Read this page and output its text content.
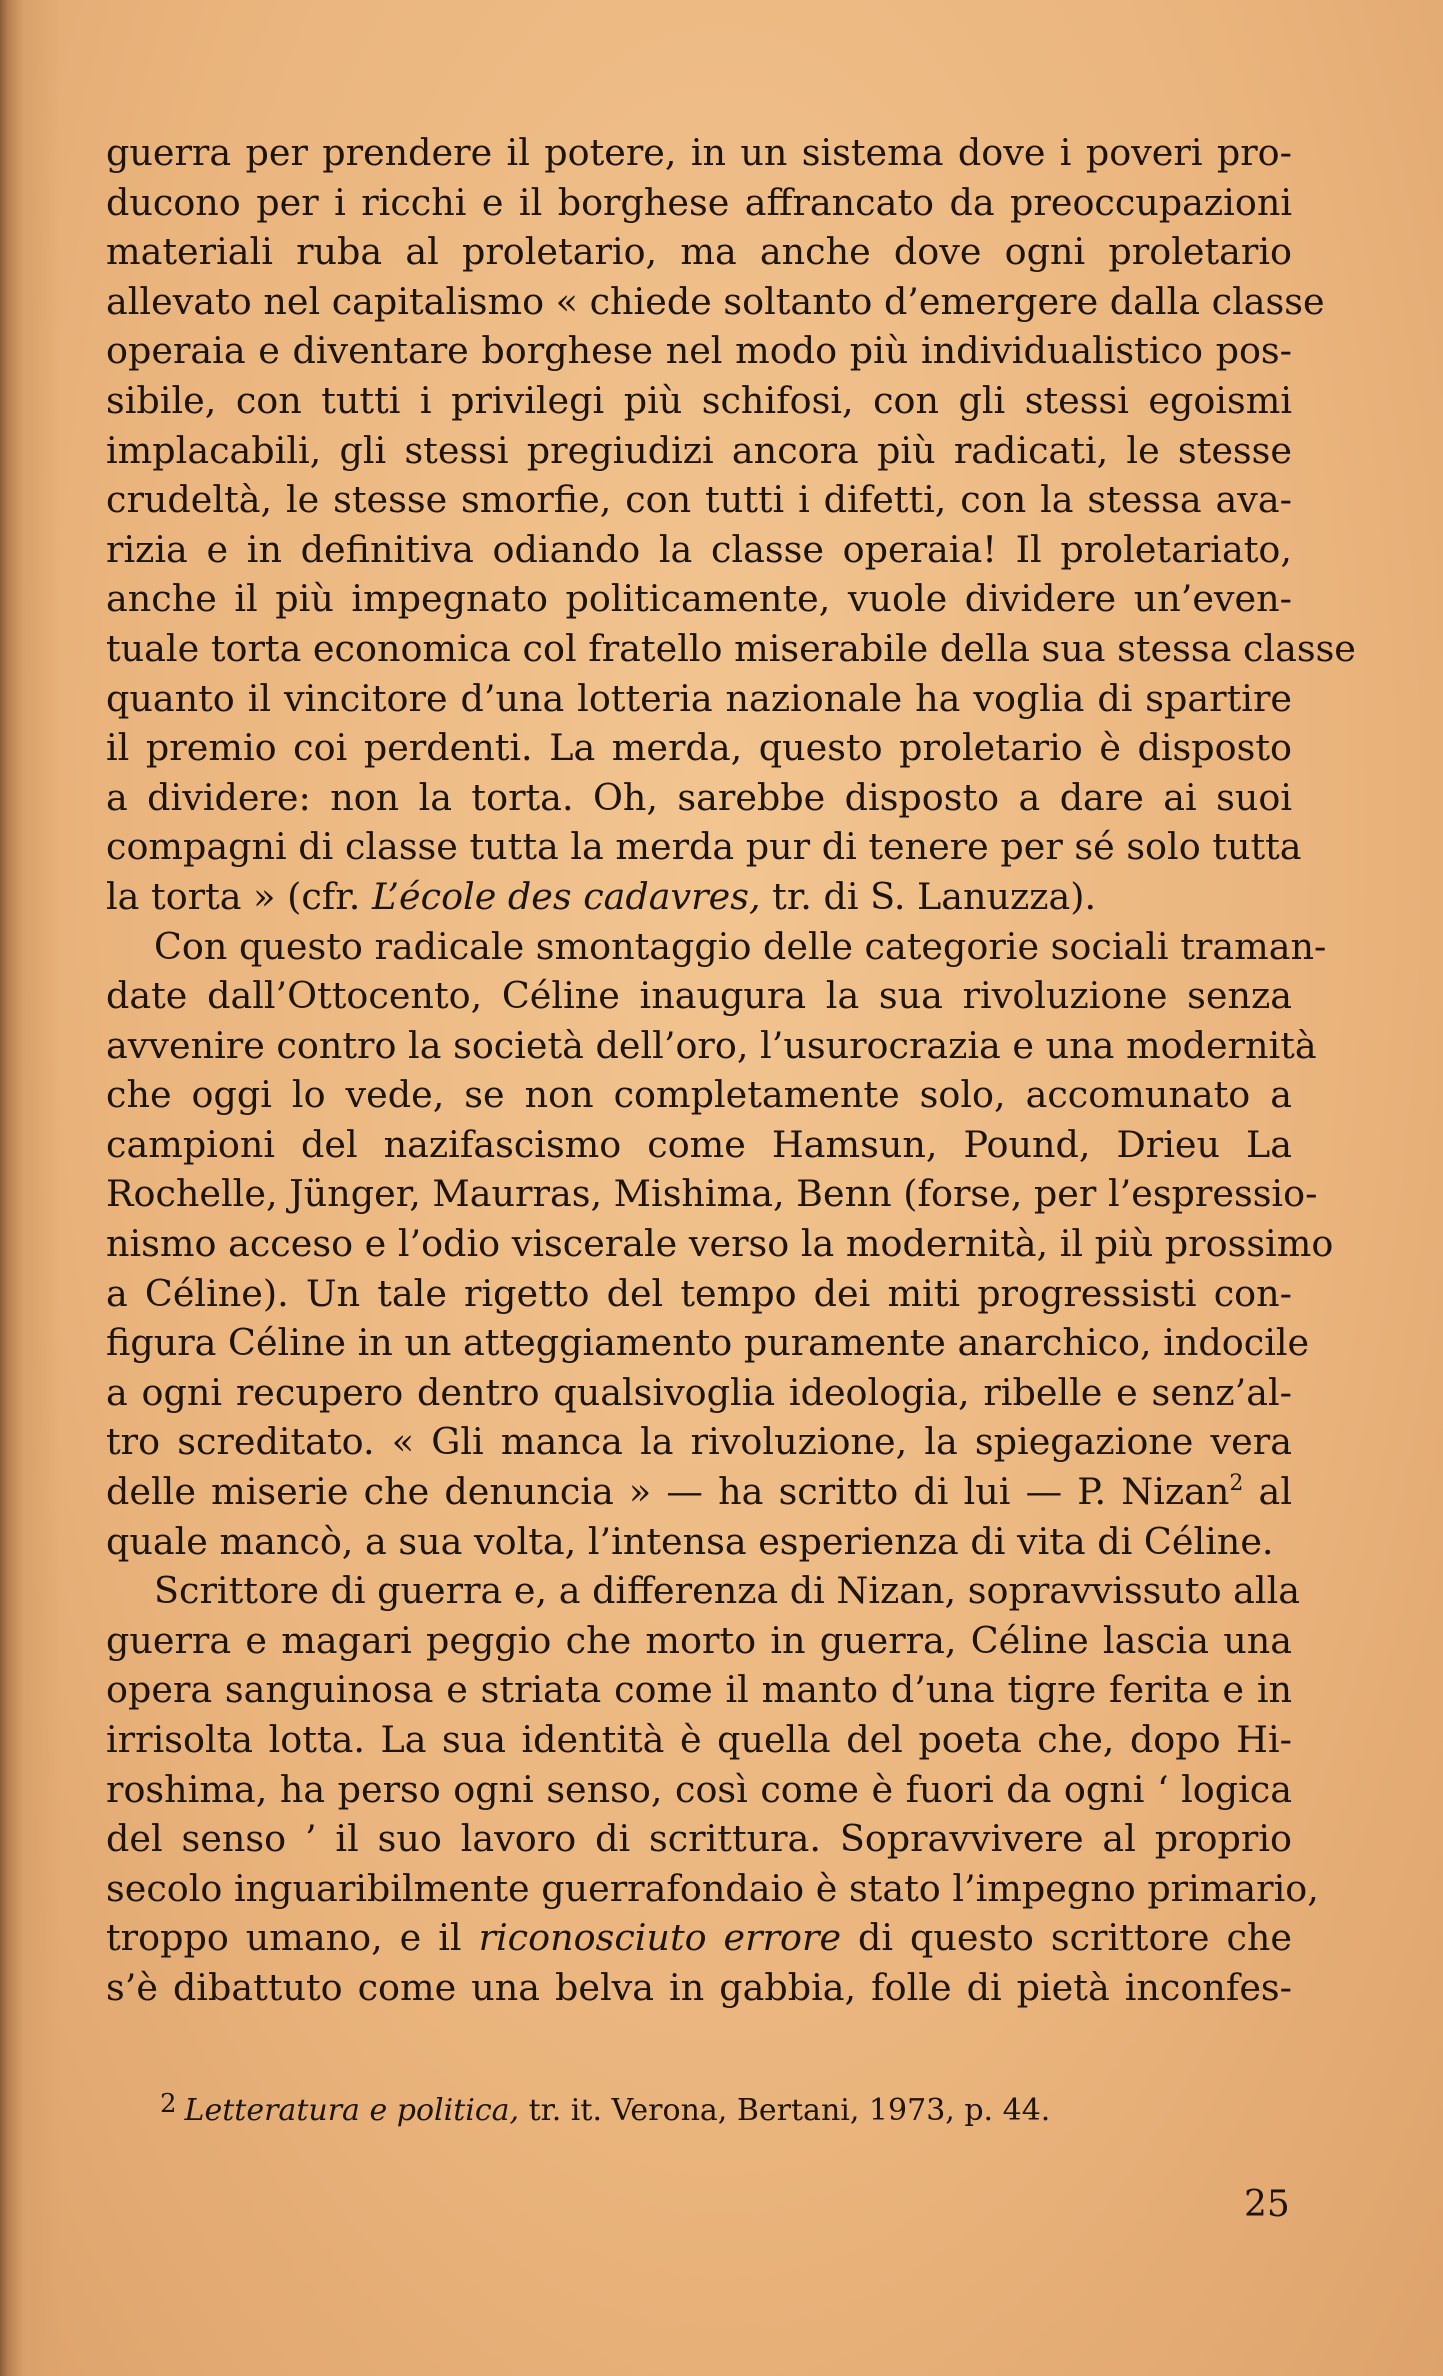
guerra per prendere il potere, in un sistema dove i poveri pro-
ducono per i ricchi e il borghese affrancato da preoccupazioni
materiali ruba al proletario, ma anche dove ogni proletario
allevato nel capitalismo « chiede soltanto d’emergere dalla classe
operaia e diventare borghese nel modo più individualistico pos-
sibile, con tutti i privilegi più schifosi, con gli stessi egoismi
implacabili, gli stessi pregiudizi ancora più radicati, le stesse
crudeltà, le stesse smorfie, con tutti i difetti, con la stessa ava-
rizia e in definitiva odiando la classe operaia! Il proletariato,
anche il più impegnato politicamente, vuole dividere un’even-
tuale torta economica col fratello miserabile della sua stessa classe
quanto il vincitore d’una lotteria nazionale ha voglia di spartire
il premio coi perdenti. La merda, questo proletario è disposto
a dividere: non la torta. Oh, sarebbe disposto a dare ai suoi
compagni di classe tutta la merda pur di tenere per sé solo tutta
la torta » (cfr. L’école des cadavres, tr. di S. Lanuzza).

Con questo radicale smontaggio delle categorie sociali traman-
date dall’Ottocento, Céline inaugura la sua rivoluzione senza
avvenire contro la società dell’oro, l’usurocrazia e una modernità
che oggi lo vede, se non completamente solo, accomunato a
campioni del nazifascismo come Hamsun, Pound, Drieu La
Rochelle, Jünger, Maurras, Mishima, Benn (forse, per l’espressio-
nismo acceso e l’odio viscerale verso la modernità, il più prossimo
a Céline). Un tale rigetto del tempo dei miti progressisti con-
figura Céline in un atteggiamento puramente anarchico, indocile
a ogni recupero dentro qualsivoglia ideologia, ribelle e senz’al-
tro screditato. « Gli manca la rivoluzione, la spiegazione vera
delle miserie che denuncia » — ha scritto di lui — P. Nizan$^2$ al
quale mancò, a sua volta, l’intensa esperienza di vita di Céline.

Scrittore di guerra e, a differenza di Nizan, sopravvissuto alla
guerra e magari peggio che morto in guerra, Céline lascia una
opera sanguinosa e striata come il manto d’una tigre ferita e in
irrisolta lotta. La sua identità è quella del poeta che, dopo Hi-
roshima, ha perso ogni senso, così come è fuori da ogni ‘ logica
del senso ’ il suo lavoro di scrittura. Sopravvivere al proprio
secolo inguaribilmente guerrafondaio è stato l’impegno primario,
troppo umano, e il riconosciuto errore di questo scrittore che
s’è dibattuto come una belva in gabbia, folle di pietà inconfes-

2 Letteratura e politica, tr. it. Verona, Bertani, 1973, p. 44.
25
